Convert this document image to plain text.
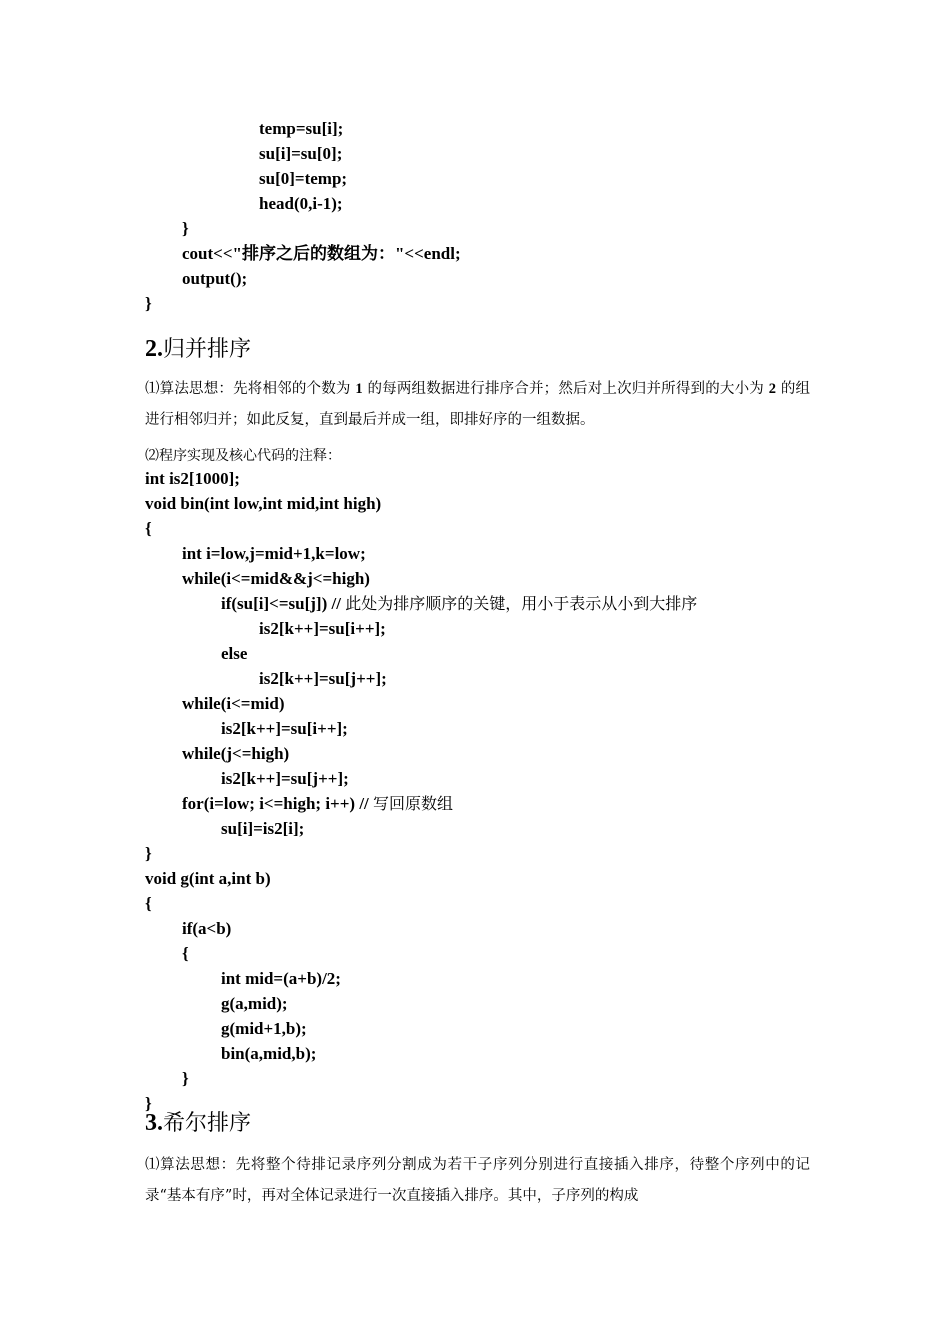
temp=su[i];
su[i]=su[0];
su[0]=temp;
head(0,i-1);
}
cout<<"排序之后的数组为："<<endl;
output();
}
2.归并排序
⑴算法思想：先将相邻的个数为 1 的每两组数据进行排序合并；然后对上次归并所得到的大小为 2 的组进行相邻归并；如此反复，直到最后并成一组，即排好序的一组数据。
⑵程序实现及核心代码的注释：
int is2[1000];
void bin(int low,int mid,int high)
{
int i=low,j=mid+1,k=low;
while(i<=mid&&j<=high)
if(su[i]<=su[j]) // 此处为排序顺序的关键，用小于表示从小到大排序
is2[k++]=su[i++];
else
is2[k++]=su[j++];
while(i<=mid)
is2[k++]=su[i++];
while(j<=high)
is2[k++]=su[j++];
for(i=low; i<=high; i++) // 写回原数组
su[i]=is2[i];
}
void g(int a,int b)
{
if(a<b)
{
int mid=(a+b)/2;
g(a,mid);
g(mid+1,b);
bin(a,mid,b);
}
}
3.希尔排序
⑴算法思想：先将整个待排记录序列分割成为若干子序列分别进行直接插入排序，待整个序列中的记录“基本有序”时，再对全体记录进行一次直接插入排序。其中，子序列的构成
